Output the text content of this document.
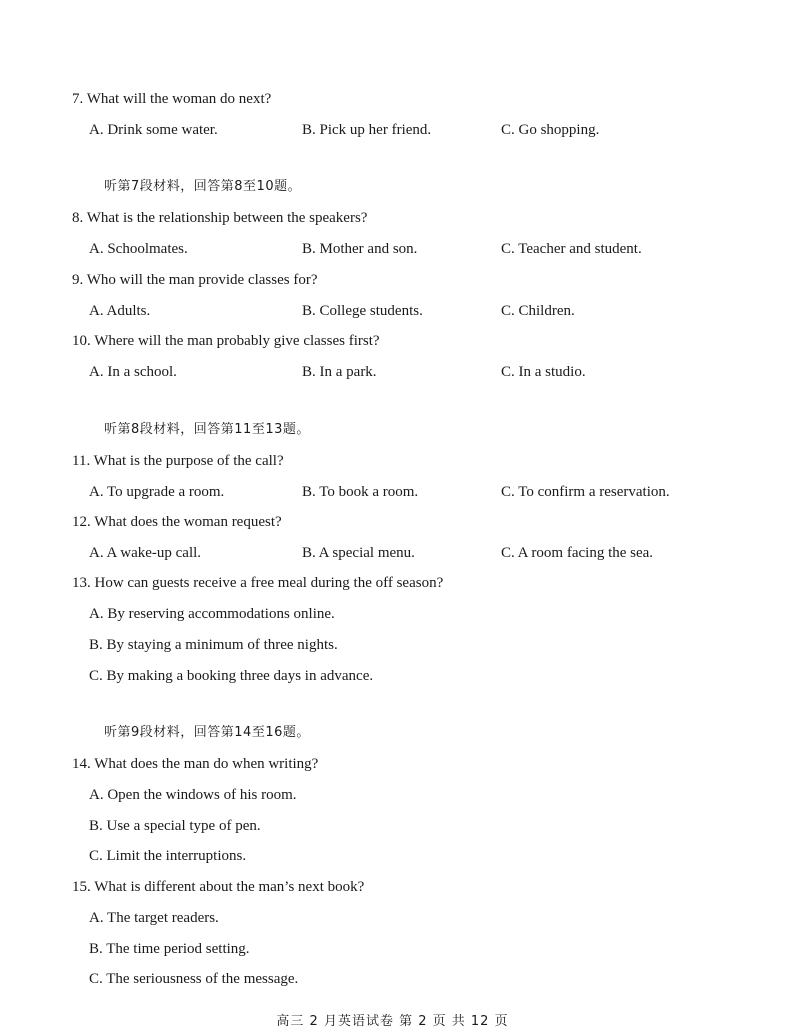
7. What will the woman do next?
A. Drink some water.	B. Pick up her friend.	C. Go shopping.
听第7段材料，回答第8至10题。
8. What is the relationship between the speakers?
A. Schoolmates.	B. Mother and son.	C. Teacher and student.
9. Who will the man provide classes for?
A. Adults.	B. College students.	C. Children.
10. Where will the man probably give classes first?
A. In a school.	B. In a park.	C. In a studio.
听第8段材料，回答第11至13题。
11. What is the purpose of the call?
A. To upgrade a room.	B. To book a room.	C. To confirm a reservation.
12. What does the woman request?
A. A wake-up call.	B. A special menu.	C. A room facing the sea.
13. How can guests receive a free meal during the off season?
A. By reserving accommodations online.
B. By staying a minimum of three nights.
C. By making a booking three days in advance.
听第9段材料，回答第14至16题。
14. What does the man do when writing?
A. Open the windows of his room.
B. Use a special type of pen.
C. Limit the interruptions.
15. What is different about the man’s next book?
A. The target readers.
B. The time period setting.
C. The seriousness of the message.
高三 2 月英语试卷 第 2 页 共 12 页
